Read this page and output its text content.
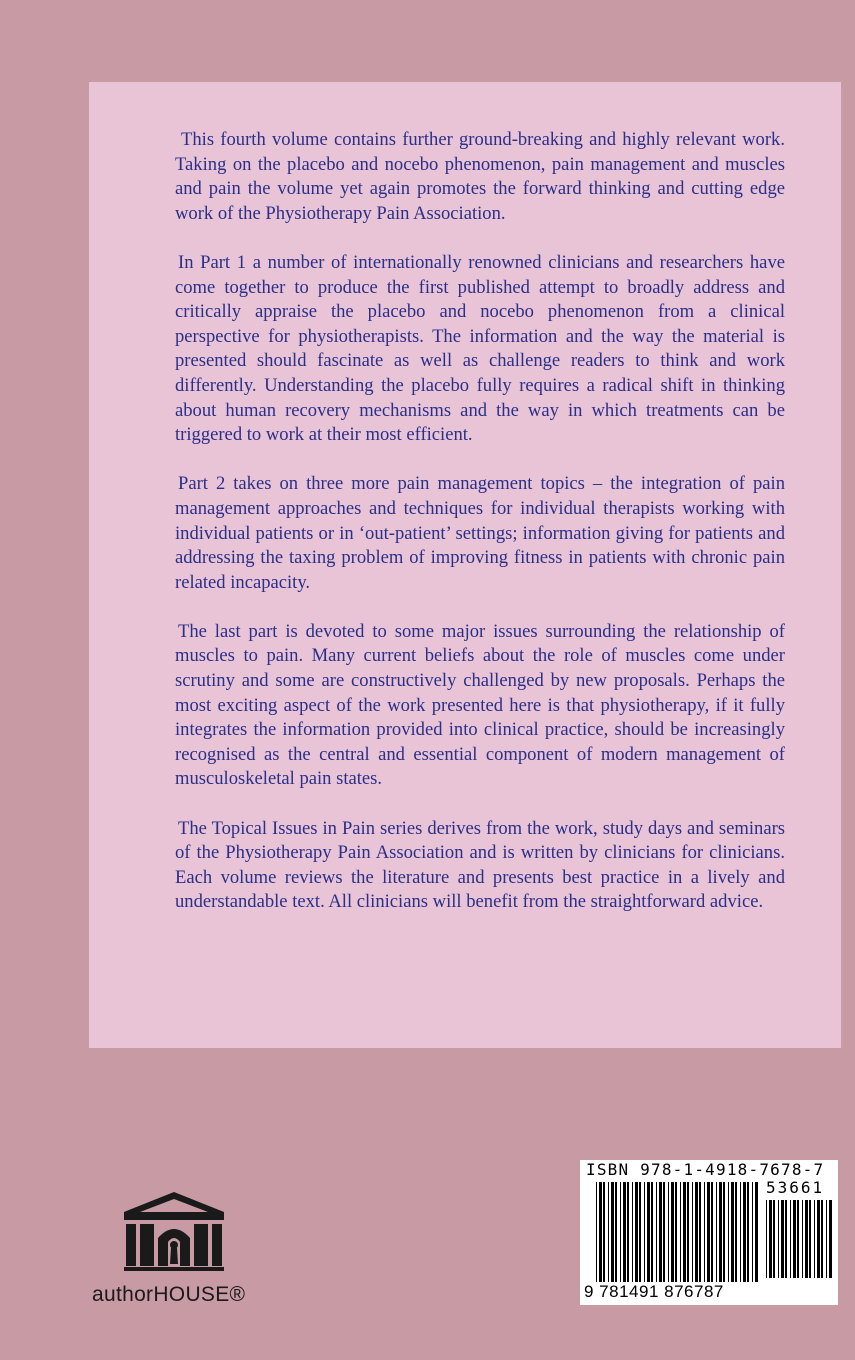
This fourth volume contains further ground-breaking and highly relevant work. Taking on the placebo and nocebo phenomenon, pain management and muscles and pain the volume yet again promotes the forward thinking and cutting edge work of the Physiotherapy Pain Association.

In Part 1 a number of internationally renowned clinicians and researchers have come together to produce the first published attempt to broadly address and critically appraise the placebo and nocebo phenomenon from a clinical perspective for physiotherapists. The information and the way the material is presented should fascinate as well as challenge readers to think and work differently. Understanding the placebo fully requires a radical shift in thinking about human recovery mechanisms and the way in which treatments can be triggered to work at their most efficient.

Part 2 takes on three more pain management topics – the integration of pain management approaches and techniques for individual therapists working with individual patients or in ‘out-patient’ settings; information giving for patients and addressing the taxing problem of improving fitness in patients with chronic pain related incapacity.

The last part is devoted to some major issues surrounding the relationship of muscles to pain. Many current beliefs about the role of muscles come under scrutiny and some are constructively challenged by new proposals. Perhaps the most exciting aspect of the work presented here is that physiotherapy, if it fully integrates the information provided into clinical practice, should be increasingly recognised as the central and essential component of modern management of musculoskeletal pain states.

The Topical Issues in Pain series derives from the work, study days and seminars of the Physiotherapy Pain Association and is written by clinicians for clinicians. Each volume reviews the literature and presents best practice in a lively and understandable text. All clinicians will benefit from the straightforward advice.

ISBN 978-1-4918-7678-7
53661
9 781491 876787
authorHOUSE®
